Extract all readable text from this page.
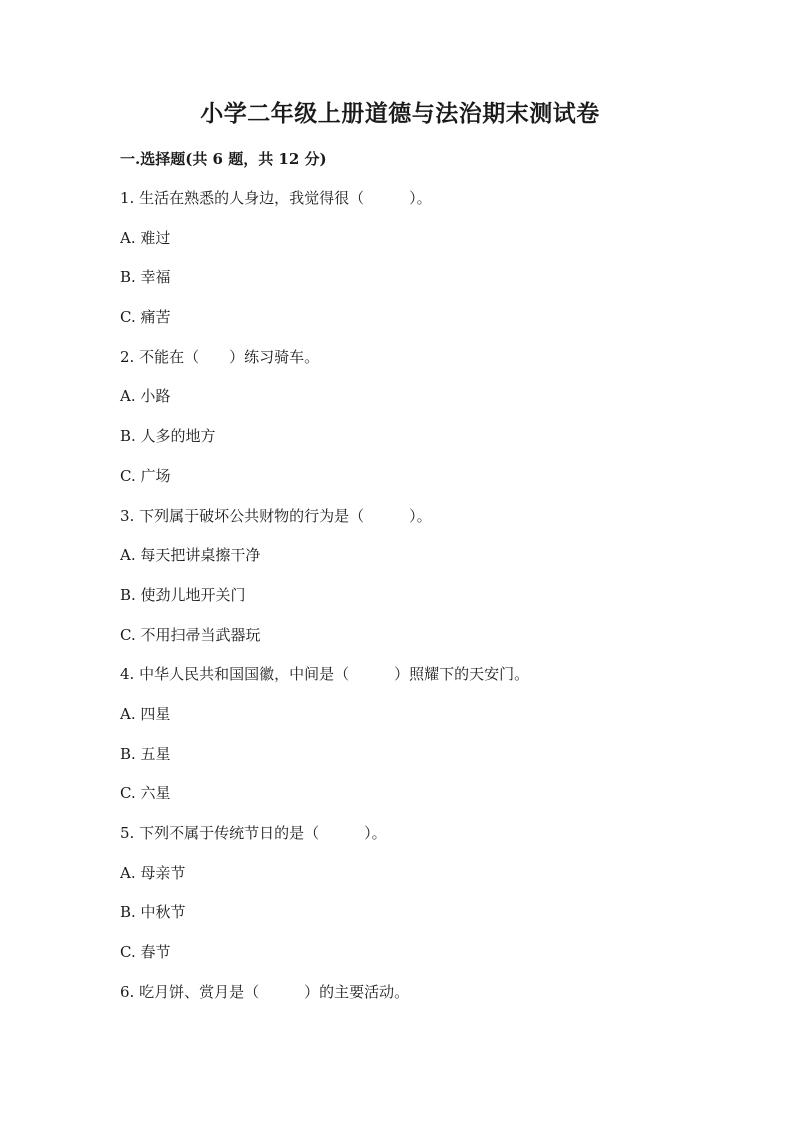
小学二年级上册道德与法治期末测试卷
一.选择题(共 6 题，共 12 分)
1. 生活在熟悉的人身边，我觉得很（　　　）。
A. 难过
B. 幸福
C. 痛苦
2. 不能在（　　）练习骑车。
A. 小路
B. 人多的地方
C. 广场
3. 下列属于破坏公共财物的行为是（　　　）。
A. 每天把讲桌擦干净
B. 使劲儿地开关门
C. 不用扫帚当武器玩
4. 中华人民共和国国徽，中间是（　　　）照耀下的天安门。
A. 四星
B. 五星
C. 六星
5. 下列不属于传统节日的是（　　　）。
A. 母亲节
B. 中秋节
C. 春节
6. 吃月饼、赏月是（　　　）的主要活动。
